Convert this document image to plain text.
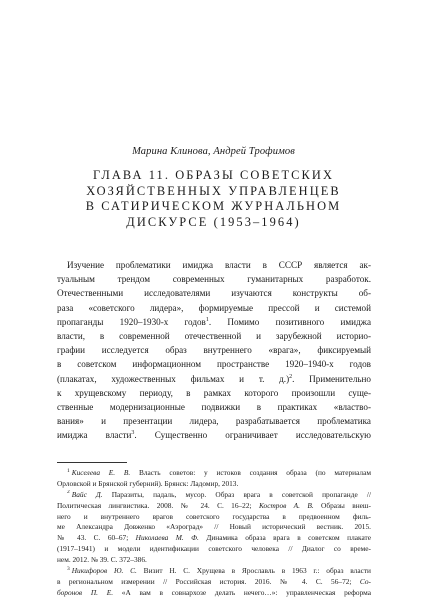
Марина Клинова, Андрей Трофимов
ГЛАВА 11. ОБРАЗЫ СОВЕТСКИХ
ХОЗЯЙСТВЕННЫХ УПРАВЛЕНЦЕВ
В САТИРИЧЕСКОМ ЖУРНАЛЬНОМ
ДИСКУРСЕ (1953–1964)
Изучение проблематики имиджа власти в СССР является ак-
туальным трендом современных гуманитарных разработок.
Отечественными исследователями изучаются конструкты об-
раза «советского лидера», формируемые прессой и системой
пропаганды 1920–1930-х годов$^1$. Помимо позитивного имиджа
власти, в современной отечественной и зарубежной историо-
графии исследуется образ внутреннего «врага», фиксируемый
в советском информационном пространстве 1920–1940-х годов
(плакатах, художественных фильмах и т. д.)$^2$. Применительно
к хрущевскому периоду, в рамках которого произошли суще-
ственные модернизационные подвижки в практиках «властво-
вания» и презентации лидера, разрабатывается проблематика
имиджа власти$^3$. Существенно ограничивает исследовательскую
$^1$ Киселева Е. В. Власть советов: у истоков создания образа (по материалам
Орловской и Брянской губерний). Брянск: Ладомир, 2013.
$^2$ Вайс Д. Паразиты, падаль, мусор. Образ врага в советской пропаганде //
Политическая лингвистика. 2008. № 24. С. 16–22; Костров А. В. Образы внеш-
него и внутреннего врагов советского государства в предвоенном филь-
ме Александра Довженко «Аэроград» // Новый исторический вестник. 2015.
№ 43. С. 60–67; Николаева М. Ф. Динамика образа врага в советском плакате
(1917–1941) и модели идентификации советского человека // Диалог со време-
нем. 2012. № 39. С. 372–386.
$^3$ Никифоров Ю. С. Визит Н. С. Хрущева в Ярославль в 1963 г.: образ власти
в региональном измерении // Российская история. 2016. № 4. С. 56–72; Со-
боронов П. Е. «А вам в совнархозе делать нечего…»: управленческая реформа
